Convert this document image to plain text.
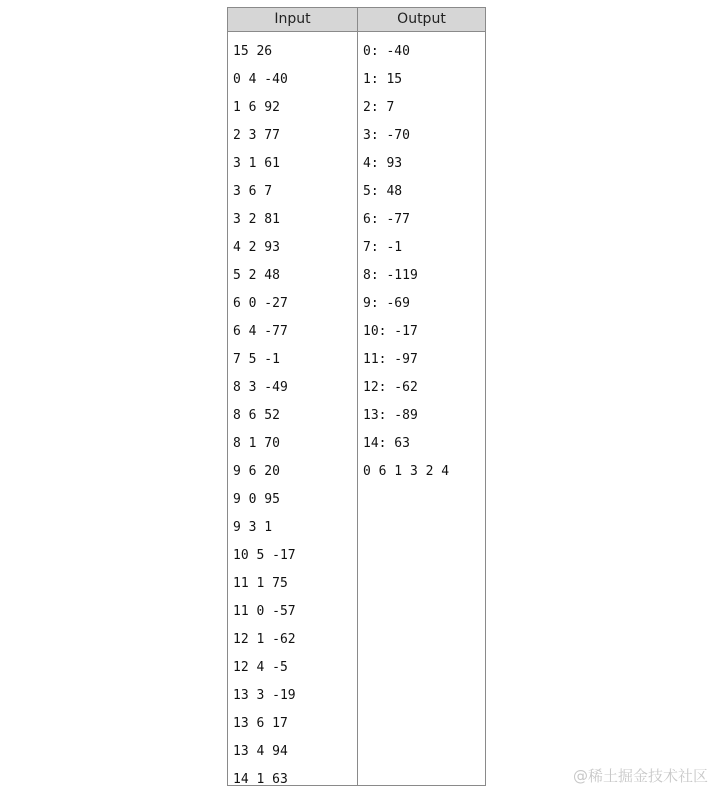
Input
15 26
0 4 -40
1 6 92
2 3 77
3 1 61
3 6 7
3 2 81
4 2 93
5 2 48
6 0 -27
6 4 -77
7 5 -1
8 3 -49
8 6 52
8 1 70
9 6 20
9 0 95
9 3 1
10 5 -17
11 1 75
11 0 -57
12 1 -62
12 4 -5
13 3 -19
13 6 17
13 4 94
14 1 63
Output
0: -40
1: 15
2: 7
3: -70
4: 93
5: 48
6: -77
7: -1
8: -119
9: -69
10: -17
11: -97
12: -62
13: -89
14: 63
0 6 1 3 2 4
@稀土掘金技术社区
